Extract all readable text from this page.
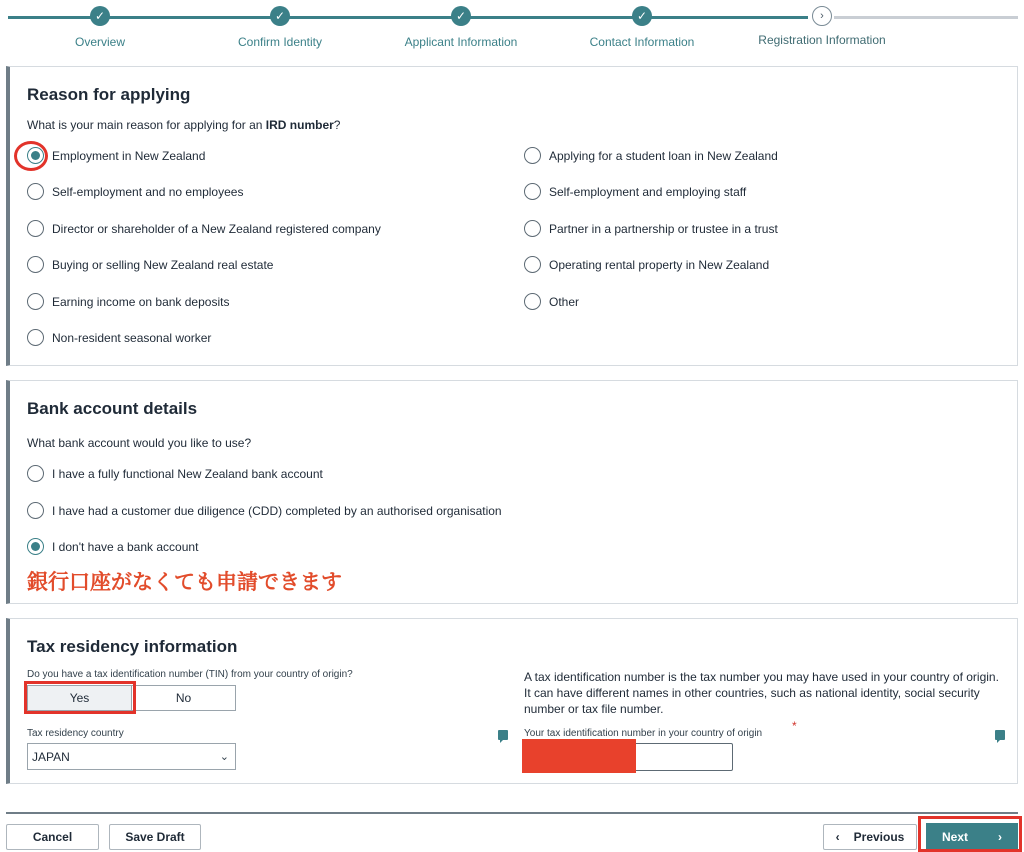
✓
Overview
✓
Confirm Identity
✓
Applicant Information
✓
Contact Information
›
Registration Information
Reason for applying
What is your main reason for applying for an IRD number?
Employment in New Zealand
Self-employment and no employees
Director or shareholder of a New Zealand registered company
Buying or selling New Zealand real estate
Earning income on bank deposits
Non-resident seasonal worker
Applying for a student loan in New Zealand
Self-employment and employing staff
Partner in a partnership or trustee in a trust
Operating rental property in New Zealand
Other
Bank account details
What bank account would you like to use?
I have a fully functional New Zealand bank account
I have had a customer due diligence (CDD) completed by an authorised organisation
I don't have a bank account
銀行口座がなくても申請できます
Tax residency information
Do you have a tax identification number (TIN) from your country of origin?
Yes	No
Tax residency country
JAPAN	⌄
A tax identification number is the tax number you may have used in your country of origin. It can have different names in other countries, such as national identity, social security number or tax file number.
Your tax identification number in your country of origin
*
Cancel	Save Draft	‹ Previous	Next	›
